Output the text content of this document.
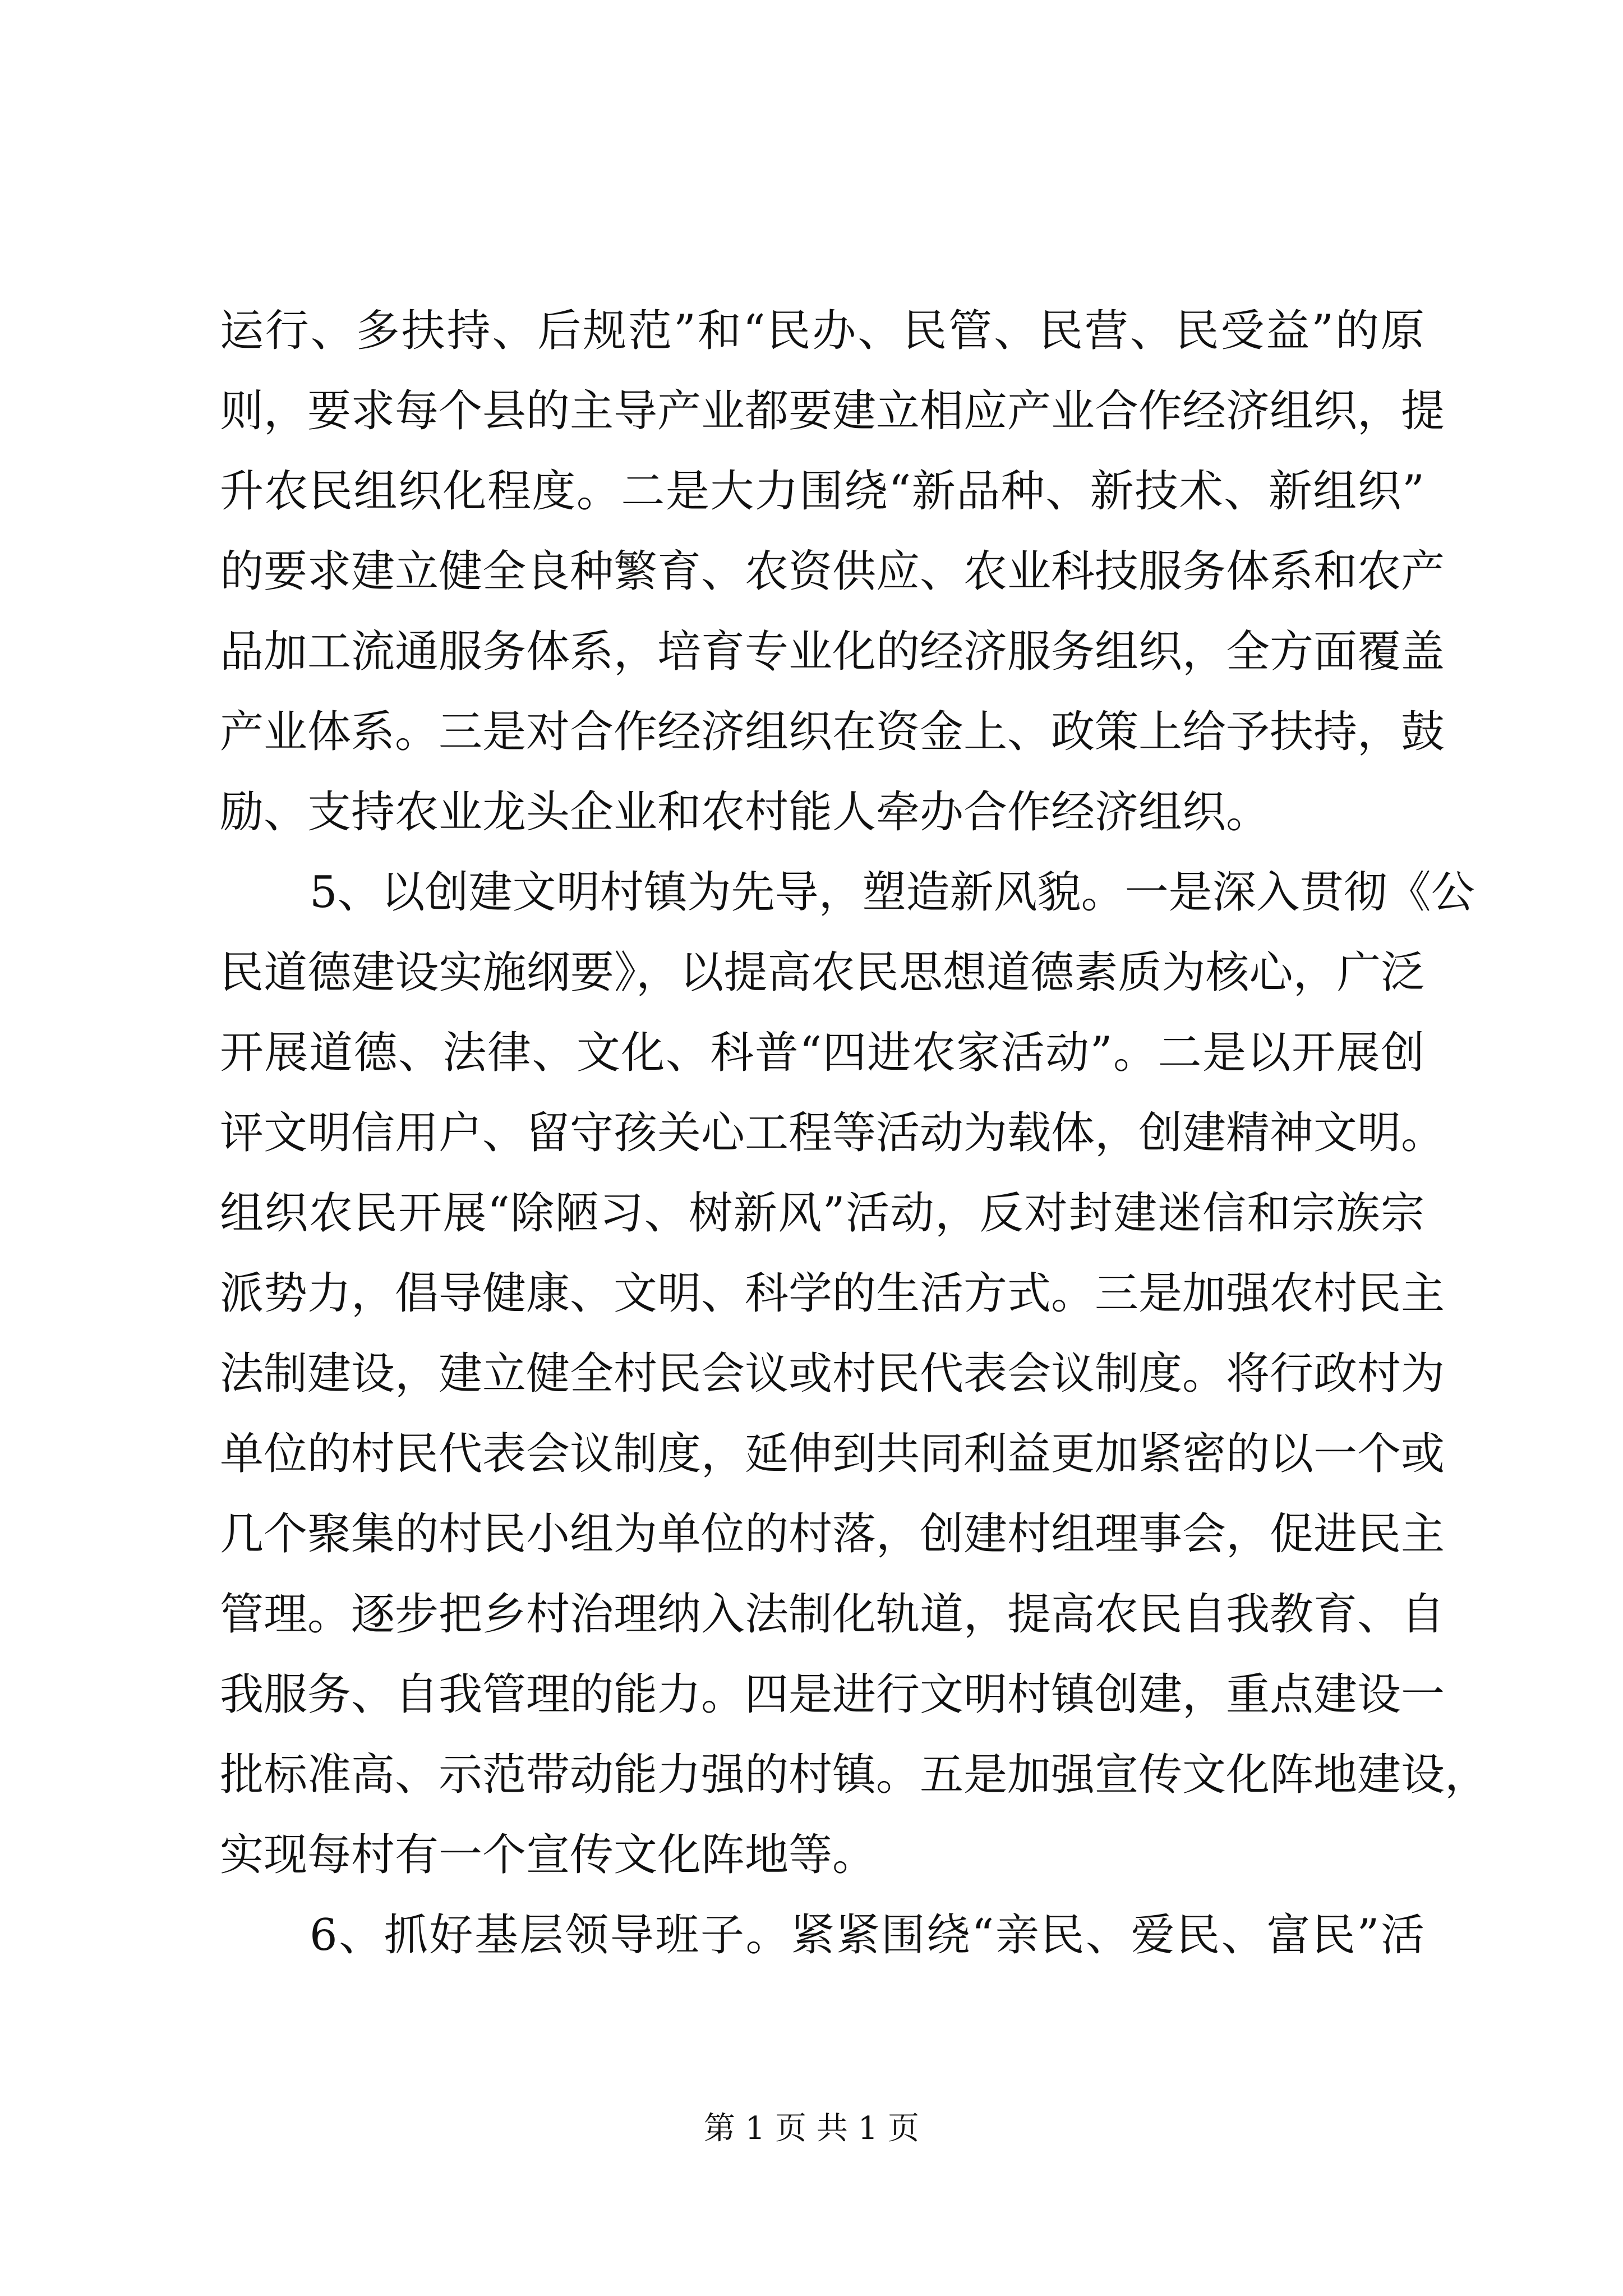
运行、多扶持、后规范”和“民办、民管、民营、民受益”的原
则，要求每个县的主导产业都要建立相应产业合作经济组织，提
升农民组织化程度。二是大力围绕“新品种、新技术、新组织”
的要求建立健全良种繁育、农资供应、农业科技服务体系和农产
品加工流通服务体系，培育专业化的经济服务组织，全方面覆盖
产业体系。三是对合作经济组织在资金上、政策上给予扶持，鼓
励、支持农业龙头企业和农村能人牵办合作经济组织。
5、以创建文明村镇为先导，塑造新风貌。一是深入贯彻《公
民道德建设实施纲要》，以提高农民思想道德素质为核心，广泛
开展道德、法律、文化、科普“四进农家活动”。二是以开展创
评文明信用户、留守孩关心工程等活动为载体，创建精神文明。
组织农民开展“除陋习、树新风”活动，反对封建迷信和宗族宗
派势力，倡导健康、文明、科学的生活方式。三是加强农村民主
法制建设，建立健全村民会议或村民代表会议制度。将行政村为
单位的村民代表会议制度，延伸到共同利益更加紧密的以一个或
几个聚集的村民小组为单位的村落，创建村组理事会，促进民主
管理。逐步把乡村治理纳入法制化轨道，提高农民自我教育、自
我服务、自我管理的能力。四是进行文明村镇创建，重点建设一
批标准高、示范带动能力强的村镇。五是加强宣传文化阵地建设，
实现每村有一个宣传文化阵地等。
6、抓好基层领导班子。紧紧围绕“亲民、爱民、富民”活
第 1 页 共 1 页
